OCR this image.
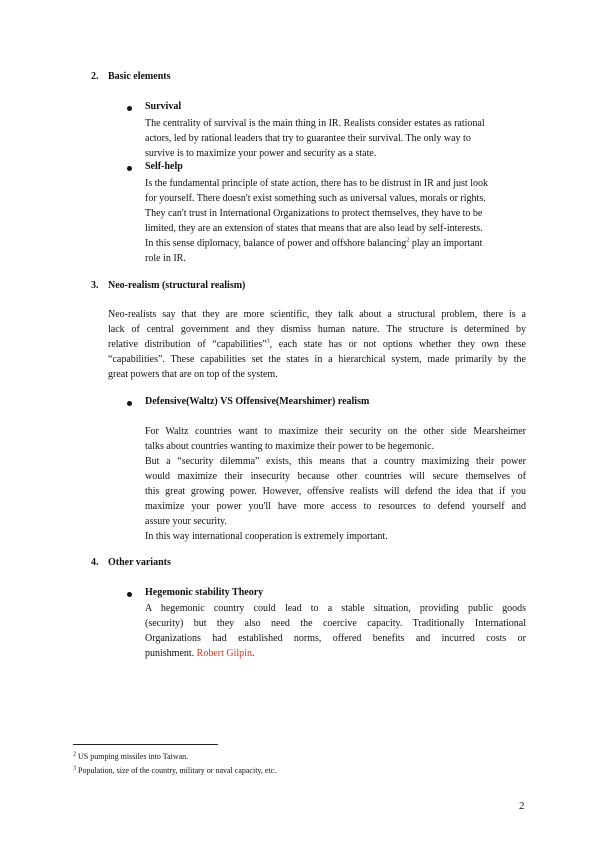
2. Basic elements
Survival
The centrality of survival is the main thing in IR. Realists consider estates as rational
actors, led by rational leaders that try to guarantee their survival. The only way to
survive is to maximize your power and security as a state.
Self-help
Is the fundamental principle of state action, there has to be distrust in IR and just look
for yourself. There doesn't exist something such as universal values, morals or rights.
They can't trust in International Organizations to protect themselves, they have to be
limited, they are an extension of states that means that are also lead by self-interests.
In this sense diplomacy, balance of power and offshore balancing$^2$ play an important
role in IR.
3. Neo-realism (structural realism)
Neo-realists say that they are more scientific, they talk about a structural problem, there is a
lack of central government and they dismiss human nature. The structure is determined by
relative distribution of “capabilities”$^3$, each state has or not options whether they own these
“capabilities”. These capabilities set the states in a hierarchical system, made primarily by the
great powers that are on top of the system.
Defensive(Waltz) VS Offensive(Mearshimer) realism
For Waltz countries want to maximize their security on the other side Mearsheimer
talks about countries wanting to maximize their power to be hegemonic.
But a “security dilemma” exists, this means that a country maximizing their power
would maximize their insecurity because other countries will secure themselves of
this great growing power. However, offensive realists will defend the idea that if you
maximize your power you'll have more access to resources to defend yourself and
assure your security.
In this way international cooperation is extremely important.
4. Other variants
Hegemonic stability Theory
A hegemonic country could lead to a stable situation, providing public goods
(security) but they also need the coercive capacity. Traditionally International
Organizations had established norms, offered benefits and incurred costs or
punishment. Robert Gilpin.
$^2$ US pumping missiles into Taiwan.
$^3$ Population, size of the country, military or naval capacity, etc.
2
